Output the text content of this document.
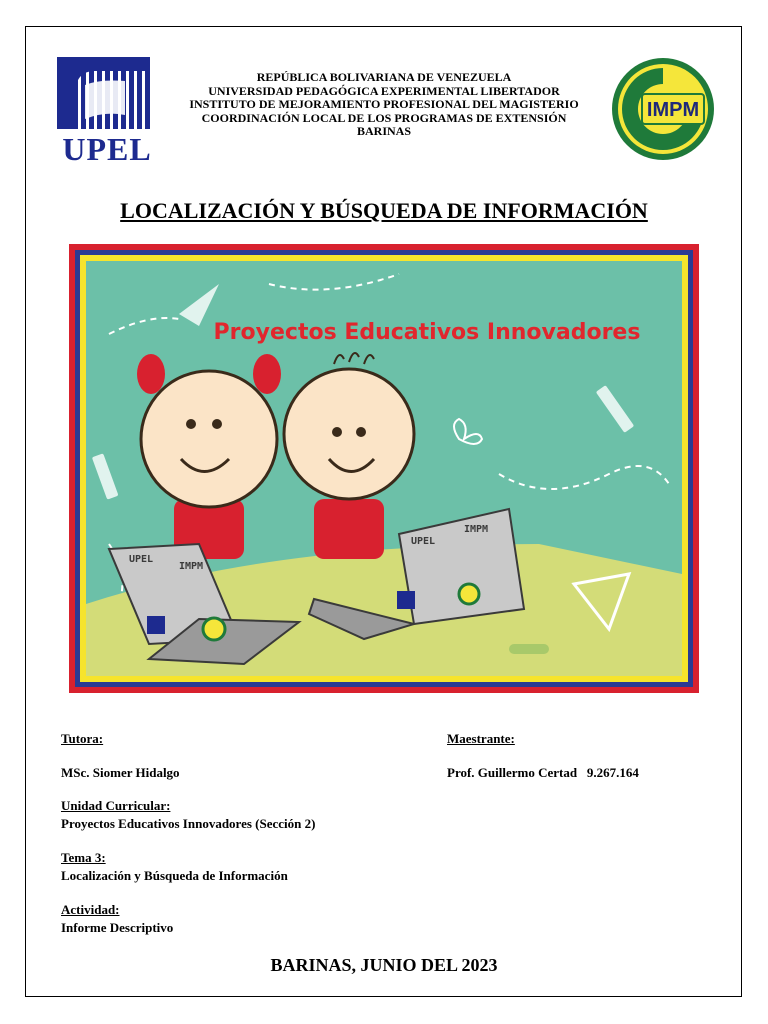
UPEL
IMPM
REPÚBLICA BOLIVARIANA DE VENEZUELA
UNIVERSIDAD PEDAGÓGICA EXPERIMENTAL LIBERTADOR
INSTITUTO DE MEJORAMIENTO PROFESIONAL DEL MAGISTERIO
COORDINACIÓN LOCAL DE LOS PROGRAMAS DE EXTENSIÓN
BARINAS
LOCALIZACIÓN Y BÚSQUEDA DE INFORMACIÓN
Proyectos Educativos Innovadores
UPEL
IMPM
UPEL
IMPM
Tutora:
MSc. Siomer Hidalgo
Maestrante:
Prof. Guillermo Certad   9.267.164
Unidad Curricular:
Proyectos Educativos Innovadores (Sección 2)
Tema 3:
Localización y Búsqueda de Información
Actividad:
Informe Descriptivo
BARINAS, JUNIO DEL 2023
